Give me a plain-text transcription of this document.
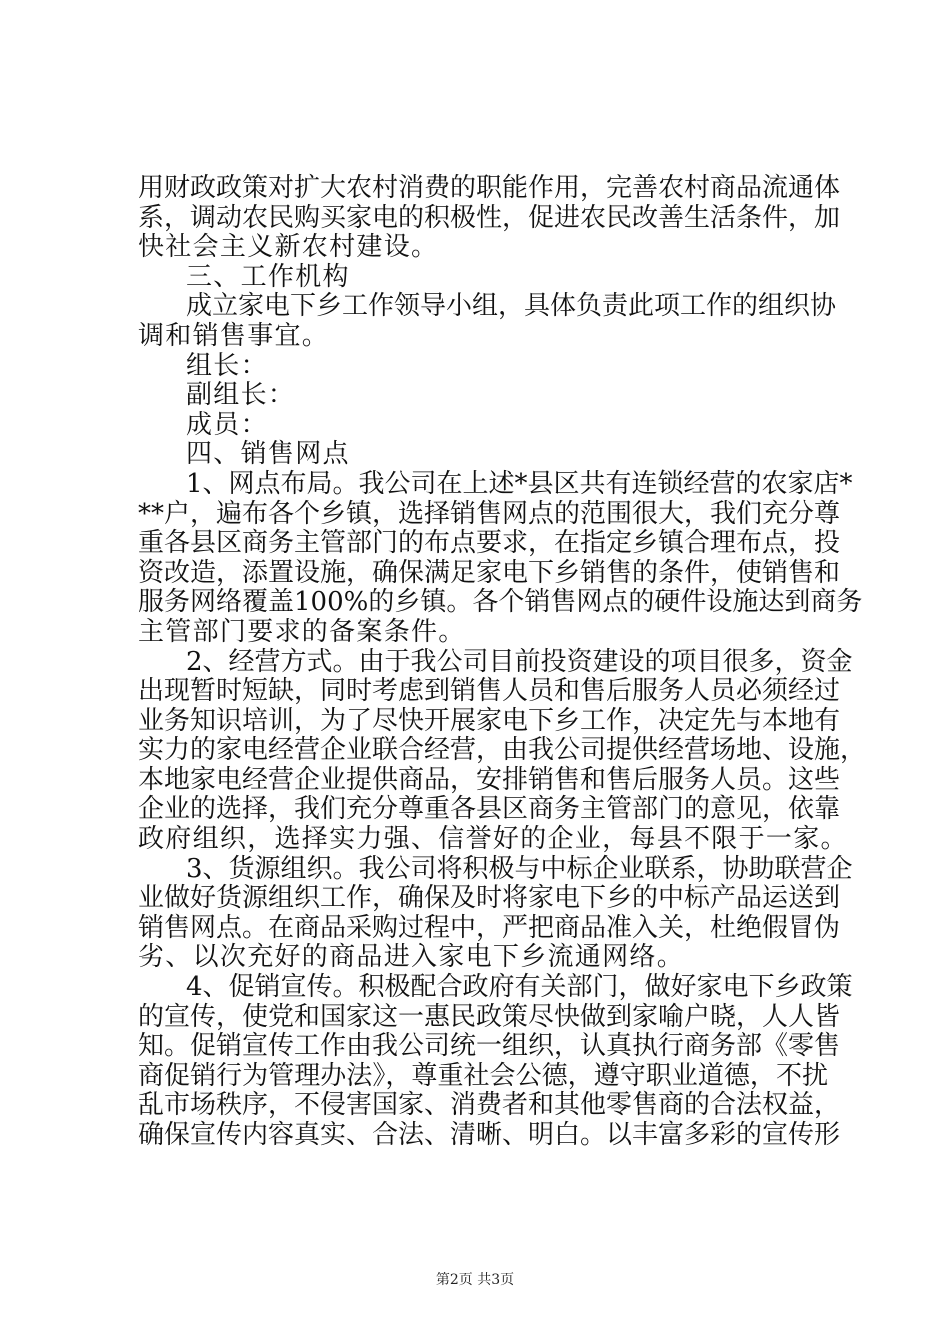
用财政政策对扩大农村消费的职能作用，完善农村商品流通体
系，调动农民购买家电的积极性，促进农民改善生活条件，加
快社会主义新农村建设。
三、工作机构
成立家电下乡工作领导小组，具体负责此项工作的组织协
调和销售事宜。
组长：
副组长：
成员：
四、销售网点
1、网点布局。我公司在上述*县区共有连锁经营的农家店*
**户，遍布各个乡镇，选择销售网点的范围很大，我们充分尊
重各县区商务主管部门的布点要求，在指定乡镇合理布点，投
资改造，添置设施，确保满足家电下乡销售的条件，使销售和
服务网络覆盖100%的乡镇。各个销售网点的硬件设施达到商务
主管部门要求的备案条件。
2、经营方式。由于我公司目前投资建设的项目很多，资金
出现暂时短缺，同时考虑到销售人员和售后服务人员必须经过
业务知识培训，为了尽快开展家电下乡工作，决定先与本地有
实力的家电经营企业联合经营，由我公司提供经营场地、设施，
本地家电经营企业提供商品，安排销售和售后服务人员。这些
企业的选择，我们充分尊重各县区商务主管部门的意见，依靠
政府组织，选择实力强、信誉好的企业，每县不限于一家。
3、货源组织。我公司将积极与中标企业联系，协助联营企
业做好货源组织工作，确保及时将家电下乡的中标产品运送到
销售网点。在商品采购过程中，严把商品准入关，杜绝假冒伪
劣、以次充好的商品进入家电下乡流通网络。
4、促销宣传。积极配合政府有关部门，做好家电下乡政策
的宣传，使党和国家这一惠民政策尽快做到家喻户晓，人人皆
知。促销宣传工作由我公司统一组织，认真执行商务部《零售
商促销行为管理办法》，尊重社会公德，遵守职业道德，不扰
乱市场秩序，不侵害国家、消费者和其他零售商的合法权益，
确保宣传内容真实、合法、清晰、明白。以丰富多彩的宣传形
第2页 共3页
